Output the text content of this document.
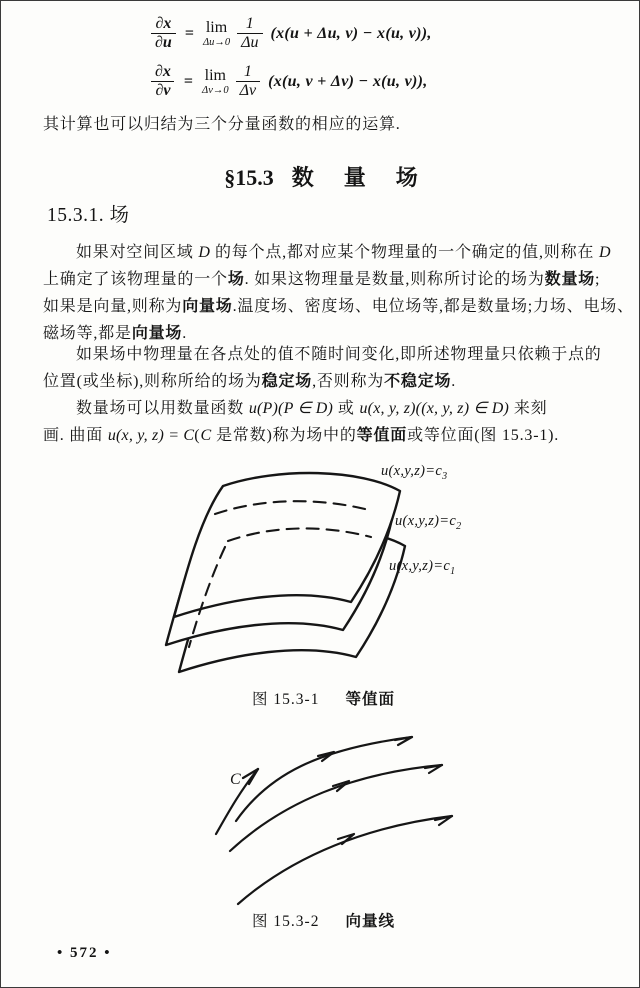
$\frac{\partial x}{\partial u} = \lim$
$\Delta u\to 0 \frac{1}{\Delta u} (x(u + \Delta u$, v) − x(u, v)),
$\frac{\partial x}{\partial v} = \lim$
$\Delta v\to 0 \frac{1}{\Delta v} (x(u$, v + Δv) − x(u, v)),
其计算也可以归结为三个分量函数的相应的运算.
§15.3 数量场
15.3.1. 场
如果对空间区域 D 的每个点,都对应某个物理量的一个确定的值,则称在 D
上确定了该物理量的一个场. 如果这物理量是数量,则称所讨论的场为数量场;
如果是向量,则称为向量场.温度场、密度场、电位场等,都是数量场;力场、电场、
磁场等,都是向量场.
如果场中物理量在各点处的值不随时间变化,即所述物理量只依赖于点的
位置(或坐标),则称所给的场为稳定场,否则称为不稳定场.
数量场可以用数量函数 u(P)(P ∈ D) 或 u(x, y, z)((x, y, z) ∈ D) 来刻
画. 曲面 u(x, y, z) = C(C 是常数)称为场中的等值面或等位面(图 15.3-1).
$u(x,y,z)=c_3$
$u(x,y,z)=c_2$
$u(x,y,z)=c_1$
图 15.3-1 等值面
C
图 15.3-2 向量线
• 572 •
